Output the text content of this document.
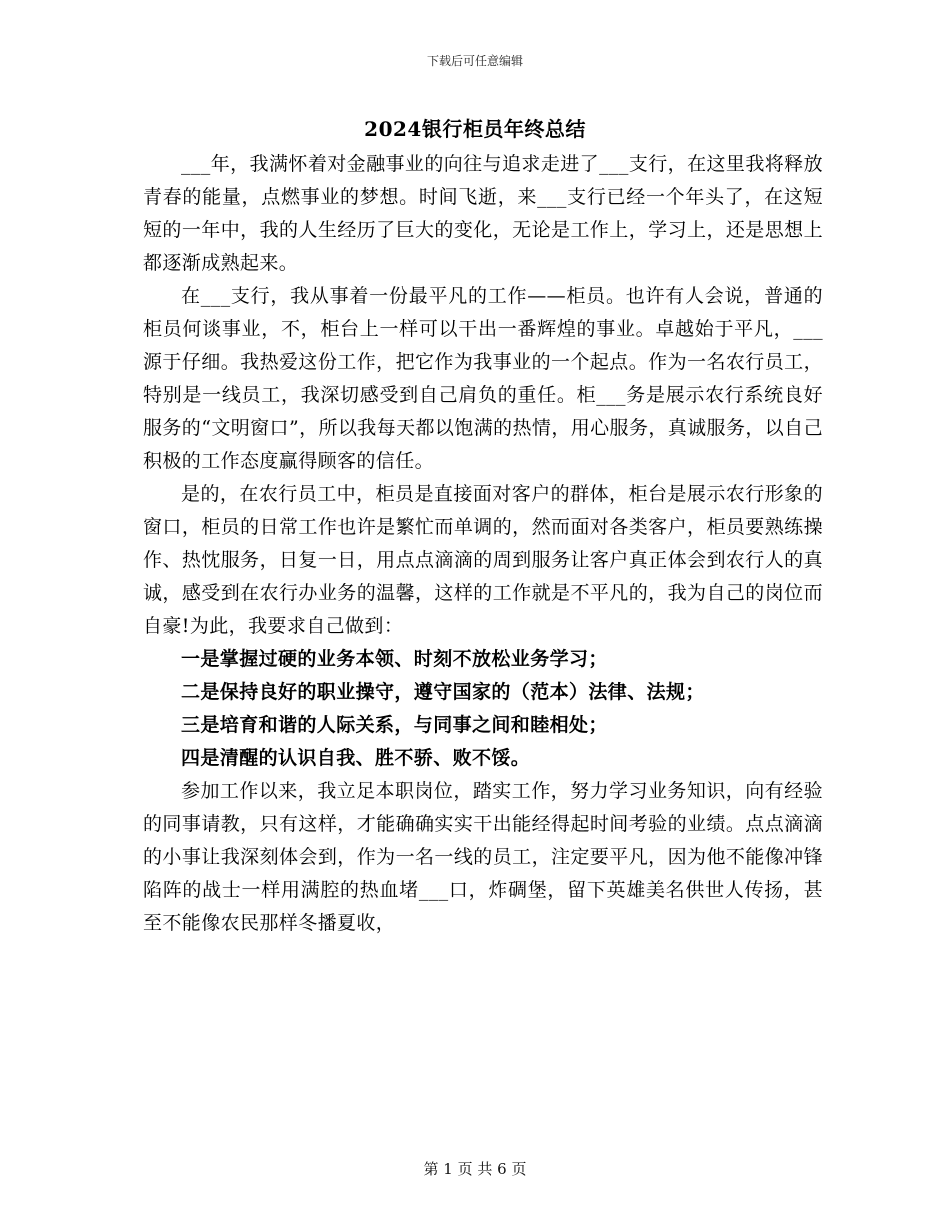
下载后可任意编辑
2024银行柜员年终总结

___年，我满怀着对金融事业的向往与追求走进了___支行，在这里我将释放青春的能量，点燃事业的梦想。时间飞逝，来___支行已经一个年头了，在这短短的一年中，我的人生经历了巨大的变化，无论是工作上，学习上，还是思想上都逐渐成熟起来。

在___支行，我从事着一份最平凡的工作——柜员。也许有人会说，普通的柜员何谈事业，不，柜台上一样可以干出一番辉煌的事业。卓越始于平凡，___源于仔细。我热爱这份工作，把它作为我事业的一个起点。作为一名农行员工，特别是一线员工，我深切感受到自己肩负的重任。柜___务是展示农行系统良好服务的“文明窗口”，所以我每天都以饱满的热情，用心服务，真诚服务，以自己积极的工作态度赢得顾客的信任。

是的，在农行员工中，柜员是直接面对客户的群体，柜台是展示农行形象的窗口，柜员的日常工作也许是繁忙而单调的，然而面对各类客户，柜员要熟练操作、热忱服务，日复一日，用点点滴滴的周到服务让客户真正体会到农行人的真诚，感受到在农行办业务的温馨，这样的工作就是不平凡的，我为自己的岗位而自豪!为此，我要求自己做到：

一是掌握过硬的业务本领、时刻不放松业务学习；

二是保持良好的职业操守，遵守国家的（范本）法律、法规；

三是培育和谐的人际关系，与同事之间和睦相处；

四是清醒的认识自我、胜不骄、败不馁。

参加工作以来，我立足本职岗位，踏实工作，努力学习业务知识，向有经验的同事请教，只有这样，才能确确实实干出能经得起时间考验的业绩。点点滴滴的小事让我深刻体会到，作为一名一线的员工，注定要平凡，因为他不能像冲锋陷阵的战士一样用满腔的热血堵___口，炸碉堡，留下英雄美名供世人传扬，甚至不能像农民那样冬播夏收，

第 1 页 共 6 页
